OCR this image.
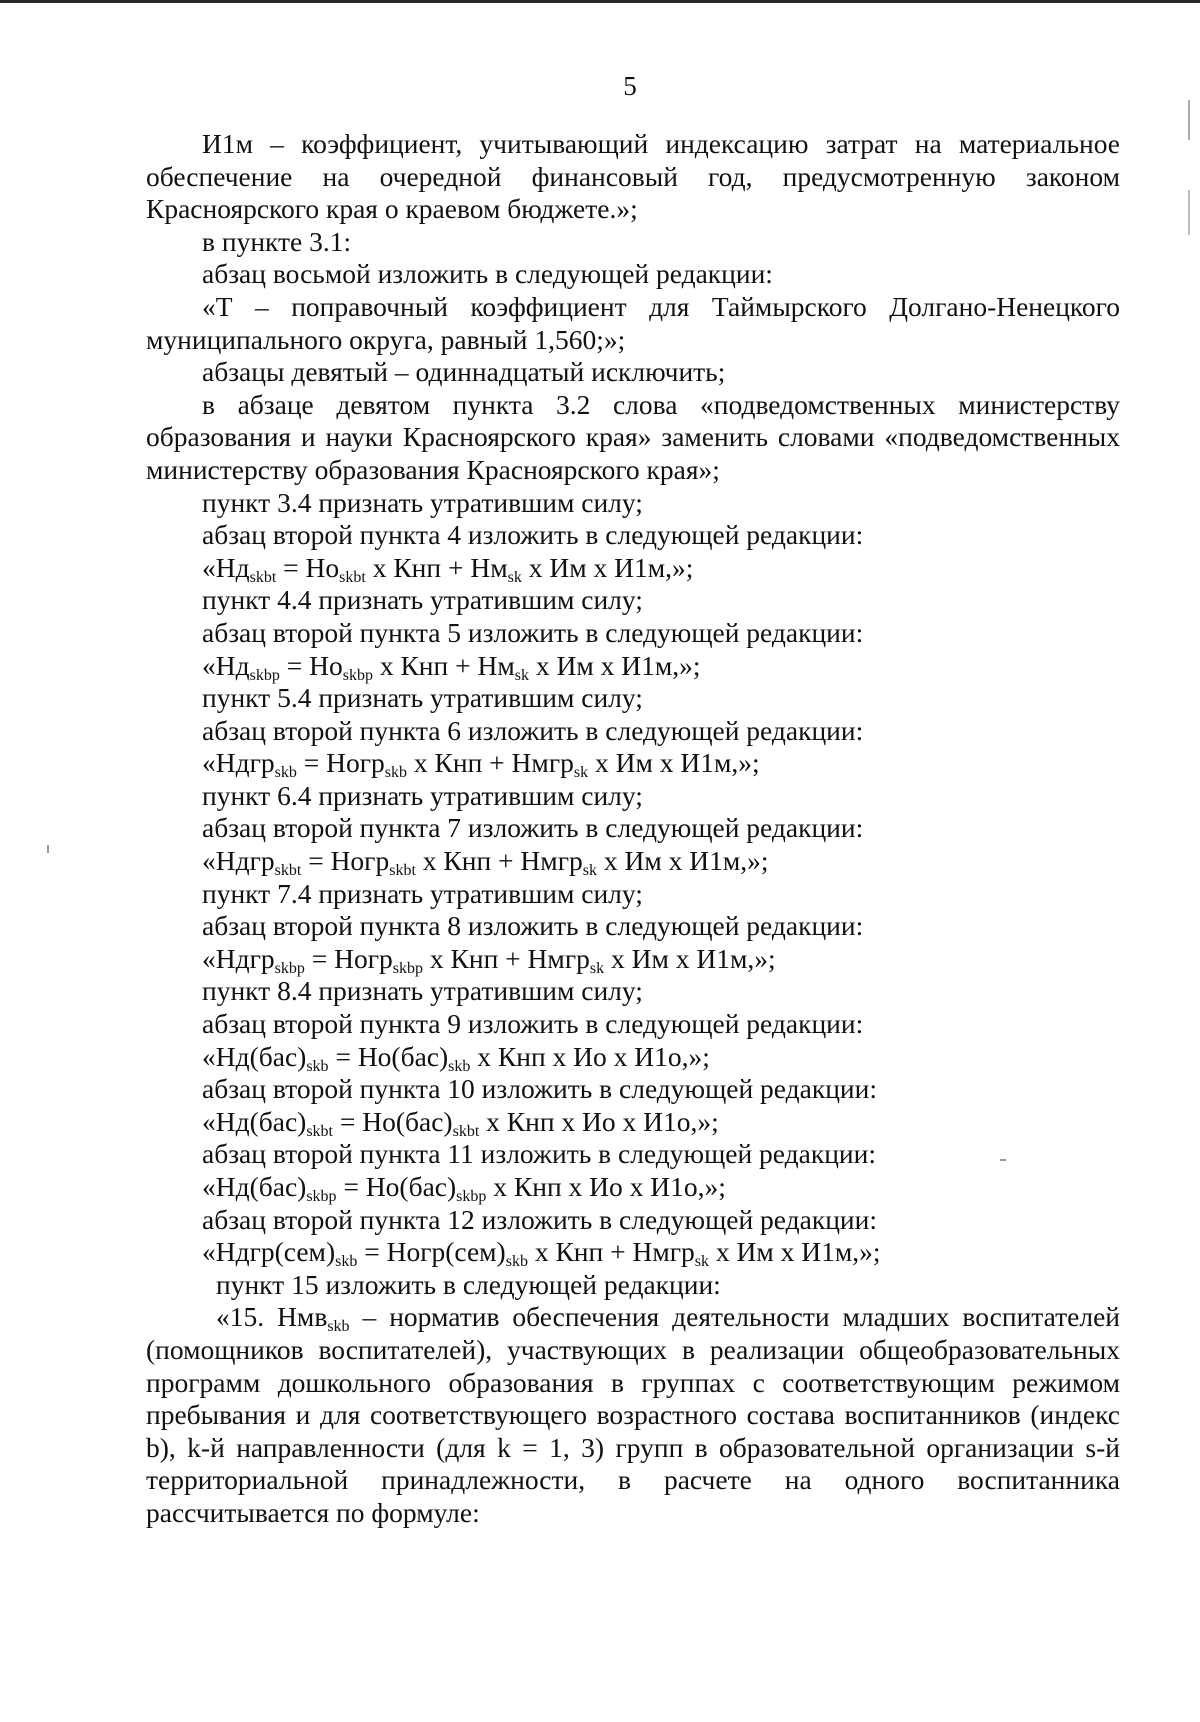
5

И1м – коэффициент, учитывающий индексацию затрат на материальное обеспечение на очередной финансовый год, предусмотренную законом Красноярского края о краевом бюджете.»;

в пункте 3.1:

абзац восьмой изложить в следующей редакции:

«Т – поправочный коэффициент для Таймырского Долгано-Ненецкого муниципального округа, равный 1,560;»;

абзацы девятый – одиннадцатый исключить;

в абзаце девятом пункта 3.2 слова «подведомственных министерству образования и науки Красноярского края» заменить словами «подведомственных министерству образования Красноярского края»;

пункт 3.4 признать утратившим силу;

абзац второй пункта 4 изложить в следующей редакции:

«$Нд_{skbt} = Но_{skbt}$ х Кнп + $Нм_{sk}$ х Им х И1м,»;

пункт 4.4 признать утратившим силу;

абзац второй пункта 5 изложить в следующей редакции:

«$Нд_{skbp} = Но_{skbp}$ х Кнп + $Нм_{sk}$ х Им х И1м,»;

пункт 5.4 признать утратившим силу;

абзац второй пункта 6 изложить в следующей редакции:

«Ндгр$_{skb}$ = Ногр$_{skb}$ х Кнп + Нмгр$_{sk}$ х Им х И1м,»;

пункт 6.4 признать утратившим силу;

абзац второй пункта 7 изложить в следующей редакции:

«Ндгр$_{skbt}$ = Ногр$_{skbt}$ х Кнп + Нмгр$_{sk}$ х Им х И1м,»;

пункт 7.4 признать утратившим силу;

абзац второй пункта 8 изложить в следующей редакции:

«Ндгр$_{skbp}$ = Ногр$_{skbp}$ х Кнп + Нмгр$_{sk}$ х Им х И1м,»;

пункт 8.4 признать утратившим силу;

абзац второй пункта 9 изложить в следующей редакции:

«$Нд(бас)_{skb} = Но(бас)_{skb}$ х Кнп х Ио х И1о,»;

абзац второй пункта 10 изложить в следующей редакции:

«$Нд(бас)_{skbt} = Но(бас)_{skbt}$ х Кнп х Ио х И1о,»;

абзац второй пункта 11 изложить в следующей редакции:

«$Нд(бас)_{skbp} = Но(бас)_{skbp}$ х Кнп х Ио х И1о,»;

абзац второй пункта 12 изложить в следующей редакции:

«$Ндгр(сем)_{skb}$ = $Ногр(сем)_{skb}$ х Кнп + Нмгр$_{sk}$ х Им х И1м,»;

пункт 15 изложить в следующей редакции:

«15. Нмв$_{skb}$ – норматив обеспечения деятельности младших воспитателей (помощников воспитателей), участвующих в реализации общеобразовательных программ дошкольного образования в группах с соответствующим режимом пребывания и для соответствующего возрастного состава воспитанников (индекс b), k-й направленности (для k = 1, 3) групп в образовательной организации s-й территориальной принадлежности, в расчете на одного воспитанника рассчитывается по формуле:
